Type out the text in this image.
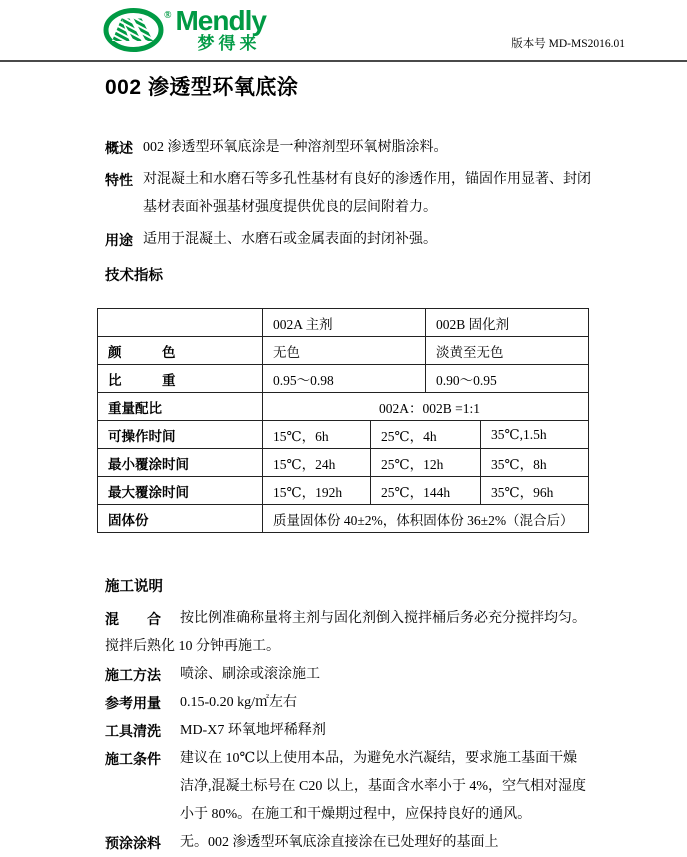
® Mendly
梦得来	版本号 MD-MS2016.01
002 渗透型环氧底涂
概述 002 渗透型环氧底涂是一种溶剂型环氧树脂涂料。
特性 对混凝土和水磨石等多孔性基材有良好的渗透作用，锚固作用显著、封闭
基材表面补强基材强度提供优良的层间附着力。
用途 适用于混凝土、水磨石或金属表面的封闭补强。
技术指标
	002A 主剂		002B 固化剂	
颜　　　色	无色		淡黄至无色	
比　　　重	0.95～0.98		0.90～0.95	
重量配比	002A：002B =1:1			
可操作时间	15℃，6h	25℃，4h		35℃,1.5h
最小覆涂时间	15℃，24h	25℃，12h		35℃，8h
最大覆涂时间	15℃，192h	25℃，144h		35℃，96h
固体份	质量固体份 40±2%，体积固体份 36±2%（混合后）			
施工说明
混　　合	按比例准确称量将主剂与固化剂倒入搅拌桶后务必充分搅拌均匀。
搅拌后熟化 10 分钟再施工。
施工方法	喷涂、刷涂或滚涂施工
参考用量	0.15-0.20 kg/㎡左右
工具清洗	MD-X7 环氧地坪稀释剂
施工条件	建议在 10℃以上使用本品，为避免水汽凝结，要求施工基面干燥
洁净,混凝土标号在 C20 以上，基面含水率小于 4%，空气相对湿度
小于 80%。在施工和干燥期过程中，应保持良好的通风。
预涂涂料	无。002 渗透型环氧底涂直接涂在已处理好的基面上
